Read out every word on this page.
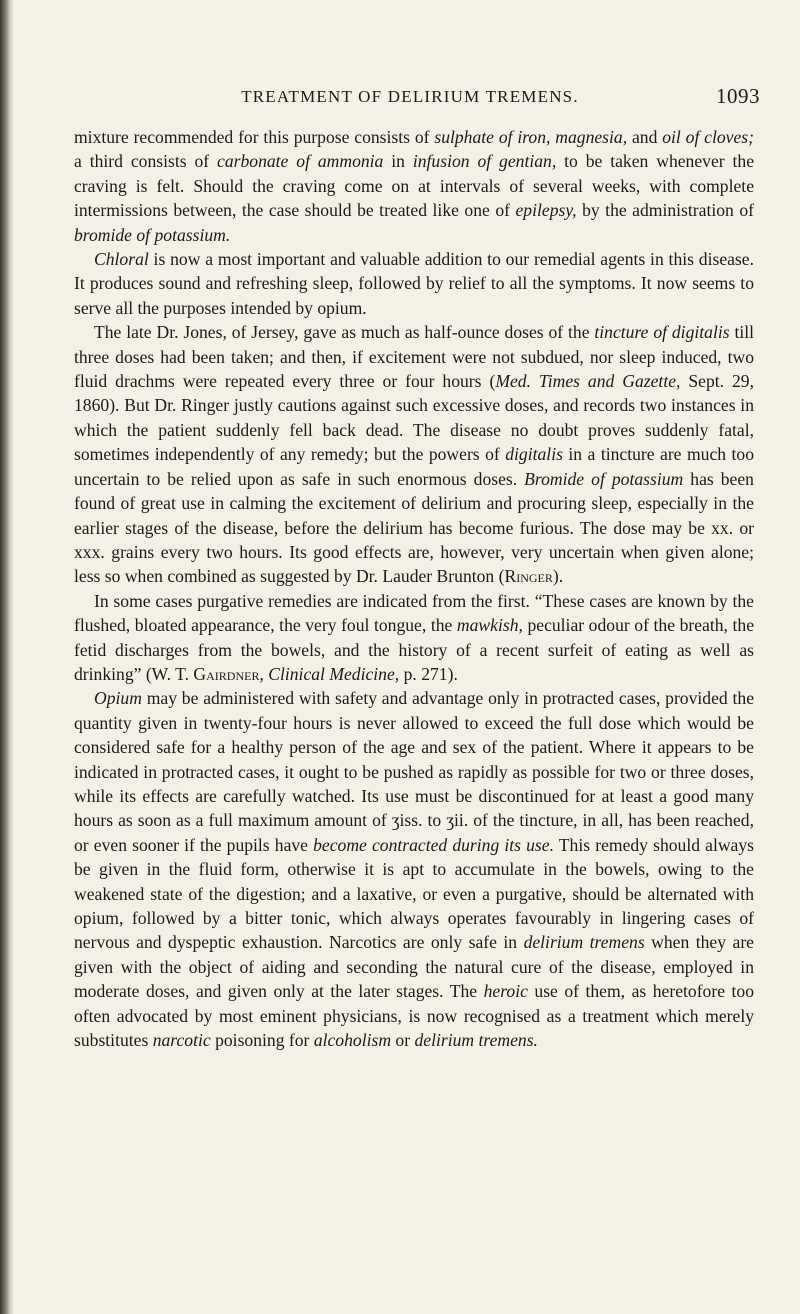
TREATMENT OF DELIRIUM TREMENS.	1093

mixture recommended for this purpose consists of sulphate of iron, magnesia, and oil of cloves; a third consists of carbonate of ammonia in infusion of gentian, to be taken whenever the craving is felt. Should the craving come on at intervals of several weeks, with complete intermissions between, the case should be treated like one of epilepsy, by the administration of bromide of potassium.

Chloral is now a most important and valuable addition to our remedial agents in this disease. It produces sound and refreshing sleep, followed by relief to all the symptoms. It now seems to serve all the purposes intended by opium.

The late Dr. Jones, of Jersey, gave as much as half-ounce doses of the tincture of digitalis till three doses had been taken; and then, if excitement were not subdued, nor sleep induced, two fluid drachms were repeated every three or four hours (Med. Times and Gazette, Sept. 29, 1860). But Dr. Ringer justly cautions against such excessive doses, and records two instances in which the patient suddenly fell back dead. The disease no doubt proves suddenly fatal, sometimes independently of any remedy; but the powers of digitalis in a tincture are much too uncertain to be relied upon as safe in such enormous doses. Bromide of potassium has been found of great use in calming the excitement of delirium and procuring sleep, especially in the earlier stages of the disease, before the delirium has become furious. The dose may be xx. or xxx. grains every two hours. Its good effects are, however, very uncertain when given alone; less so when combined as suggested by Dr. Lauder Brunton (Ringer).

In some cases purgative remedies are indicated from the first. “These cases are known by the flushed, bloated appearance, the very foul tongue, the mawkish, peculiar odour of the breath, the fetid discharges from the bowels, and the history of a recent surfeit of eating as well as drinking” (W. T. Gairdner, Clinical Medicine, p. 271).

Opium may be administered with safety and advantage only in protracted cases, provided the quantity given in twenty-four hours is never allowed to exceed the full dose which would be considered safe for a healthy person of the age and sex of the patient. Where it appears to be indicated in protracted cases, it ought to be pushed as rapidly as possible for two or three doses, while its effects are carefully watched. Its use must be discontinued for at least a good many hours as soon as a full maximum amount of ʒiss. to ʒii. of the tincture, in all, has been reached, or even sooner if the pupils have become contracted during its use. This remedy should always be given in the fluid form, otherwise it is apt to accumulate in the bowels, owing to the weakened state of the digestion; and a laxative, or even a purgative, should be alternated with opium, followed by a bitter tonic, which always operates favourably in lingering cases of nervous and dyspeptic exhaustion. Narcotics are only safe in delirium tremens when they are given with the object of aiding and seconding the natural cure of the disease, employed in moderate doses, and given only at the later stages. The heroic use of them, as heretofore too often advocated by most eminent physicians, is now recognised as a treatment which merely substitutes narcotic poisoning for alcoholism or delirium tremens.
